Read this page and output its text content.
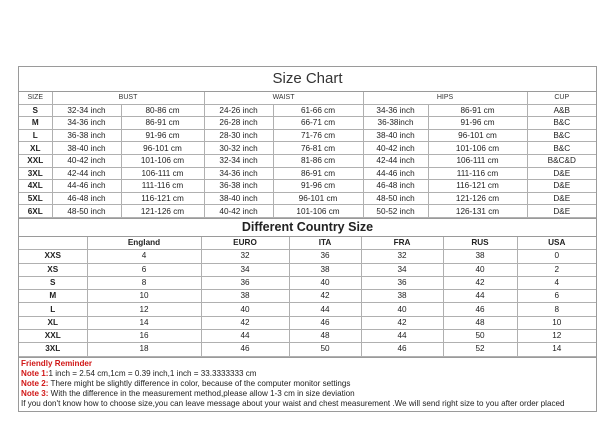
Size Chart
SIZE	BUST		WAIST		HIPS		CUP
S	32-34 inch	80-86 cm	24-26 inch	61-66 cm	34-36 inch	86-91 cm	A&B
M	34-36 inch	86-91 cm	26-28 inch	66-71 cm	36-38inch	91-96 cm	B&C
L	36-38 inch	91-96 cm	28-30 inch	71-76 cm	38-40 inch	96-101 cm	B&C
XL	38-40 inch	96-101 cm	30-32 inch	76-81 cm	40-42 inch	101-106 cm	B&C
XXL	40-42 inch	101-106 cm	32-34 inch	81-86 cm	42-44 inch	106-111 cm	B&C&D
3XL	42-44 inch	106-111 cm	34-36 inch	86-91 cm	44-46 inch	111-116 cm	D&E
4XL	44-46 inch	111-116 cm	36-38 inch	91-96 cm	46-48 inch	116-121 cm	D&E
5XL	46-48 inch	116-121 cm	38-40 inch	96-101 cm	48-50 inch	121-126 cm	D&E
6XL	48-50 inch	121-126 cm	40-42 inch	101-106 cm	50-52 inch	126-131 cm	D&E
Different Country Size
	England	EURO	ITA	FRA	RUS	USA
XXS	4	32	36	32	38	0
XS	6	34	38	34	40	2
S	8	36	40	36	42	4
M	10	38	42	38	44	6
L	12	40	44	40	46	8
XL	14	42	46	42	48	10
XXL	16	44	48	44	50	12
3XL	18	46	50	46	52	14
Friendly Reminder
Note 1:1 inch = 2.54 cm,1cm = 0.39 inch,1 inch = 33.3333333 cm
Note 2: There might be slightly difference in color, because of the computer monitor settings
Note 3: With the difference in the measurement method,please allow 1-3 cm in size deviation
If you don't know how to choose size,you can leave message about your waist and chest measurement .We will send right size to you after order placed
